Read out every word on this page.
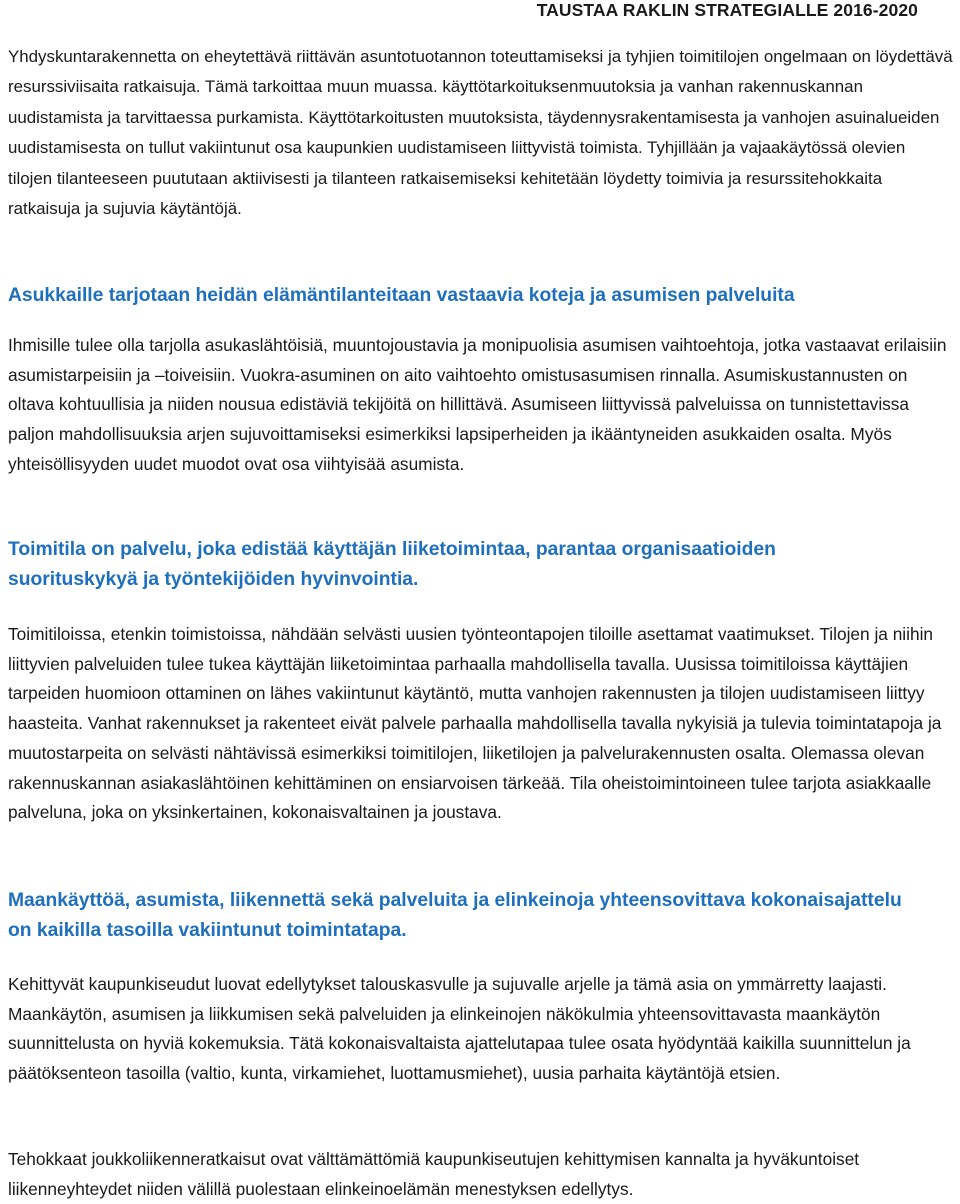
TAUSTAA RAKLIN STRATEGIALLE 2016-2020

Yhdyskuntarakennetta on eheytettävä riittävän asuntotuotannon toteuttamiseksi ja tyhjien toimitilojen ongelmaan on löydettävä resurssiviisaita ratkaisuja. Tämä tarkoittaa muun muassa. käyttötarkoituksenmuutoksia ja vanhan rakennuskannan uudistamista ja tarvittaessa purkamista. Käyttötarkoitusten muutoksista, täydennysrakentamisesta ja vanhojen asuinalueiden uudistamisesta on tullut vakiintunut osa kaupunkien uudistamiseen liittyvistä toimista. Tyhjillään ja vajaakäytössä olevien tilojen tilanteeseen puututaan aktiivisesti ja tilanteen ratkaisemiseksi kehitetään löydetty toimivia ja resurssitehokkaita ratkaisuja ja sujuvia käytäntöjä.

Asukkaille tarjotaan heidän elämäntilanteitaan vastaavia koteja ja asumisen palveluita

Ihmisille tulee olla tarjolla asukaslähtöisiä, muuntojoustavia ja monipuolisia asumisen vaihtoehtoja, jotka vastaavat erilaisiin asumistarpeisiin ja –toiveisiin. Vuokra-asuminen on aito vaihtoehto omistusasumisen rinnalla. Asumiskustannusten on oltava kohtuullisia ja niiden nousua edistäviä tekijöitä on hillittävä. Asumiseen liittyvissä palveluissa on tunnistettavissa paljon mahdollisuuksia arjen sujuvoittamiseksi esimerkiksi lapsiperheiden ja ikääntyneiden asukkaiden osalta. Myös yhteisöllisyyden uudet muodot ovat osa viihtyisää asumista.

Toimitila on palvelu, joka edistää käyttäjän liiketoimintaa, parantaa organisaatioiden suorituskykyä ja työntekijöiden hyvinvointia.

Toimitiloissa, etenkin toimistoissa, nähdään selvästi uusien työnteontapojen tiloille asettamat vaatimukset. Tilojen ja niihin liittyvien palveluiden tulee tukea käyttäjän liiketoimintaa parhaalla mahdollisella tavalla. Uusissa toimitiloissa käyttäjien tarpeiden huomioon ottaminen on lähes vakiintunut käytäntö, mutta vanhojen rakennusten ja tilojen uudistamiseen liittyy haasteita. Vanhat rakennukset ja rakenteet eivät palvele parhaalla mahdollisella tavalla nykyisiä ja tulevia toimintatapoja ja muutostarpeita on selvästi nähtävissä esimerkiksi toimitilojen, liiketilojen ja palvelurakennusten osalta. Olemassa olevan rakennuskannan asiakaslähtöinen kehittäminen on ensiarvoisen tärkeää. Tila oheistoimintoineen tulee tarjota asiakkaalle palveluna, joka on yksinkertainen, kokonaisvaltainen ja joustava.

Maankäyttöä, asumista, liikennettä sekä palveluita ja elinkeinoja yhteensovittava kokonaisajattelu on kaikilla tasoilla vakiintunut toimintatapa.

Kehittyvät kaupunkiseudut luovat edellytykset talouskasvulle ja sujuvalle arjelle ja tämä asia on ymmärretty laajasti. Maankäytön, asumisen ja liikkumisen sekä palveluiden ja elinkeinojen näkökulmia yhteensovittavasta maankäytön suunnittelusta on hyviä kokemuksia. Tätä kokonaisvaltaista ajattelutapaa tulee osata hyödyntää kaikilla suunnittelun ja päätöksenteon tasoilla (valtio, kunta, virkamiehet, luottamusmiehet), uusia parhaita käytäntöjä etsien.

Tehokkaat joukkoliikenneratkaisut ovat välttämättömiä kaupunkiseutujen kehittymisen kannalta ja hyväkuntoiset liikenneyhteydet niiden välillä puolestaan elinkeinoelämän menestyksen edellytys.
